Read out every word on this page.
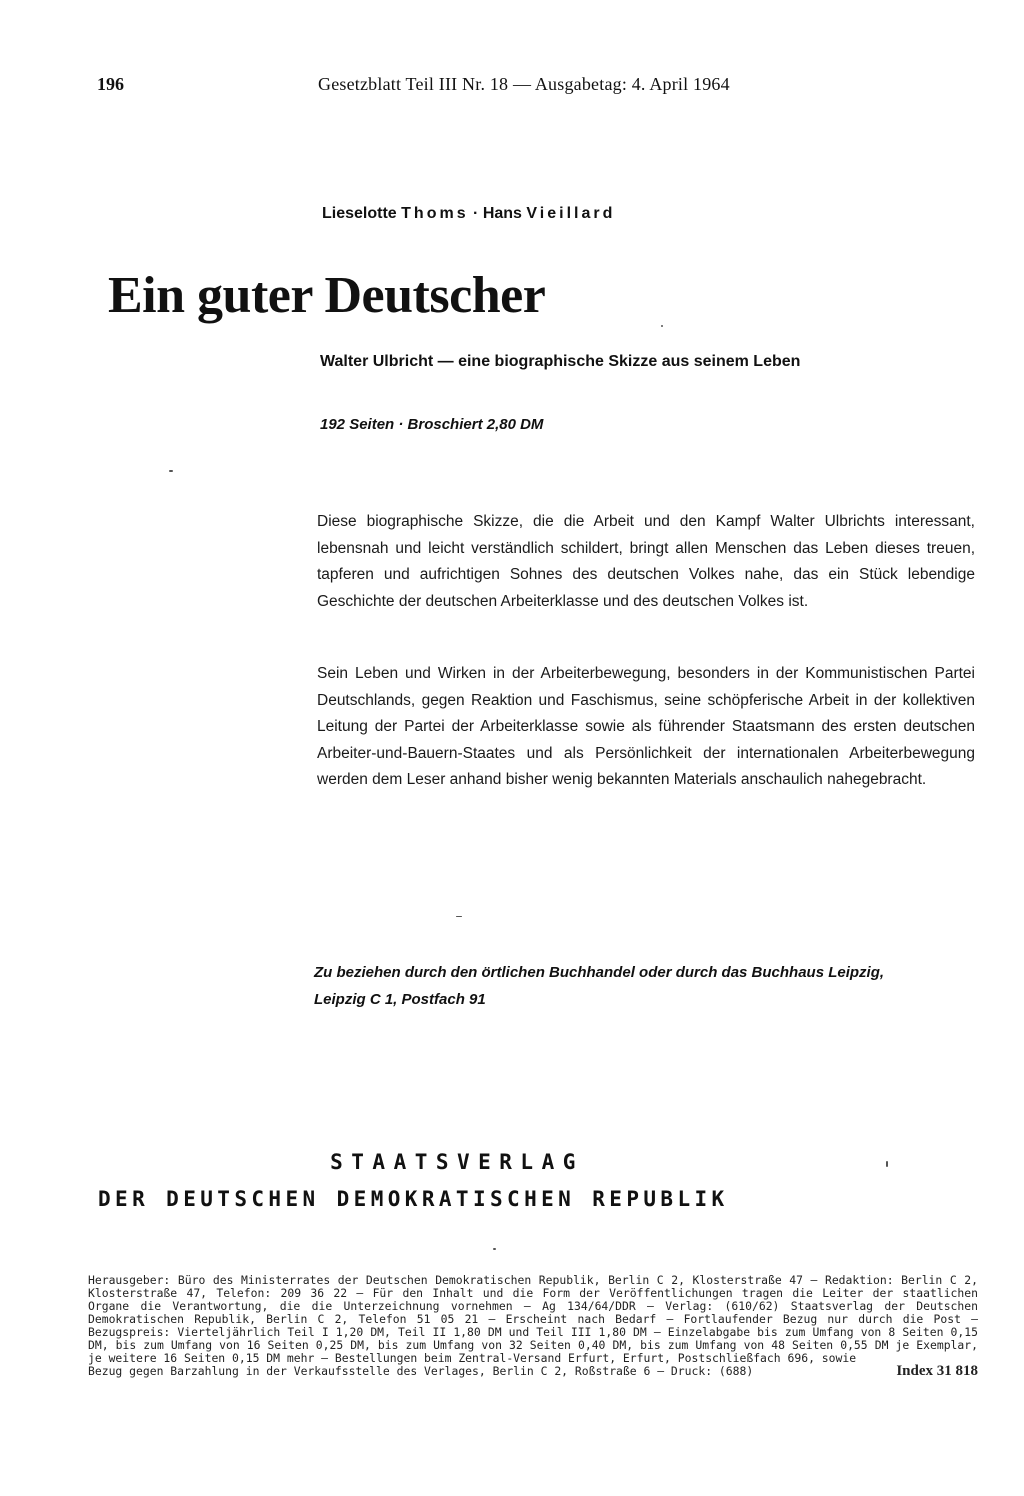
196	Gesetzblatt Teil III Nr. 18 — Ausgabetag: 4. April 1964
Lieselotte Thoms · Hans Vieillard
Ein guter Deutscher
Walter Ulbricht — eine biographische Skizze aus seinem Leben
192 Seiten · Broschiert 2,80 DM
Diese biographische Skizze, die die Arbeit und den Kampf Walter Ulbrichts interessant, lebensnah und leicht verständlich schildert, bringt allen Menschen das Leben dieses treuen, tapferen und aufrichtigen Sohnes des deutschen Volkes nahe, das ein Stück lebendige Geschichte der deutschen Arbeiterklasse und des deutschen Volkes ist.
Sein Leben und Wirken in der Arbeiterbewegung, besonders in der Kommunistischen Partei Deutschlands, gegen Reaktion und Faschismus, seine schöpferische Arbeit in der kollektiven Leitung der Partei der Arbeiterklasse sowie als führender Staatsmann des ersten deutschen Arbeiter-und-Bauern-Staates und als Persönlichkeit der internationalen Arbeiterbewegung werden dem Leser anhand bisher wenig bekannten Materials anschaulich nahegebracht.
Zu beziehen durch den örtlichen Buchhandel oder durch das Buchhaus Leipzig, Leipzig C 1, Postfach 91
STAATSVERLAG
DER DEUTSCHEN DEMOKRATISCHEN REPUBLIK
Herausgeber: Büro des Ministerrates der Deutschen Demokratischen Republik, Berlin C 2, Klosterstraße 47 – Redaktion: Berlin C 2, Klosterstraße 47, Telefon: 209 36 22 – Für den Inhalt und die Form der Veröffentlichungen tragen die Leiter der staatlichen Organe die Verantwortung, die die Unterzeichnung vornehmen – Ag 134/64/DDR – Verlag: (610/62) Staatsverlag der Deutschen Demokratischen Republik, Berlin C 2, Telefon 51 05 21 – Erscheint nach Bedarf – Fortlaufender Bezug nur durch die Post – Bezugspreis: Vierteljährlich Teil I 1,20 DM, Teil II 1,80 DM und Teil III 1,80 DM – Einzelabgabe bis zum Umfang von 8 Seiten 0,15 DM, bis zum Umfang von 16 Seiten 0,25 DM, bis zum Umfang von 32 Seiten 0,40 DM, bis zum Umfang von 48 Seiten 0,55 DM je Exemplar, je weitere 16 Seiten 0,15 DM mehr – Bestellungen beim Zentral-Versand Erfurt, Erfurt, Postschließfach 696, sowie
Bezug gegen Barzahlung in der Verkaufsstelle des Verlages, Berlin C 2, Roßstraße 6 – Druck: (688)	Index 31 818
